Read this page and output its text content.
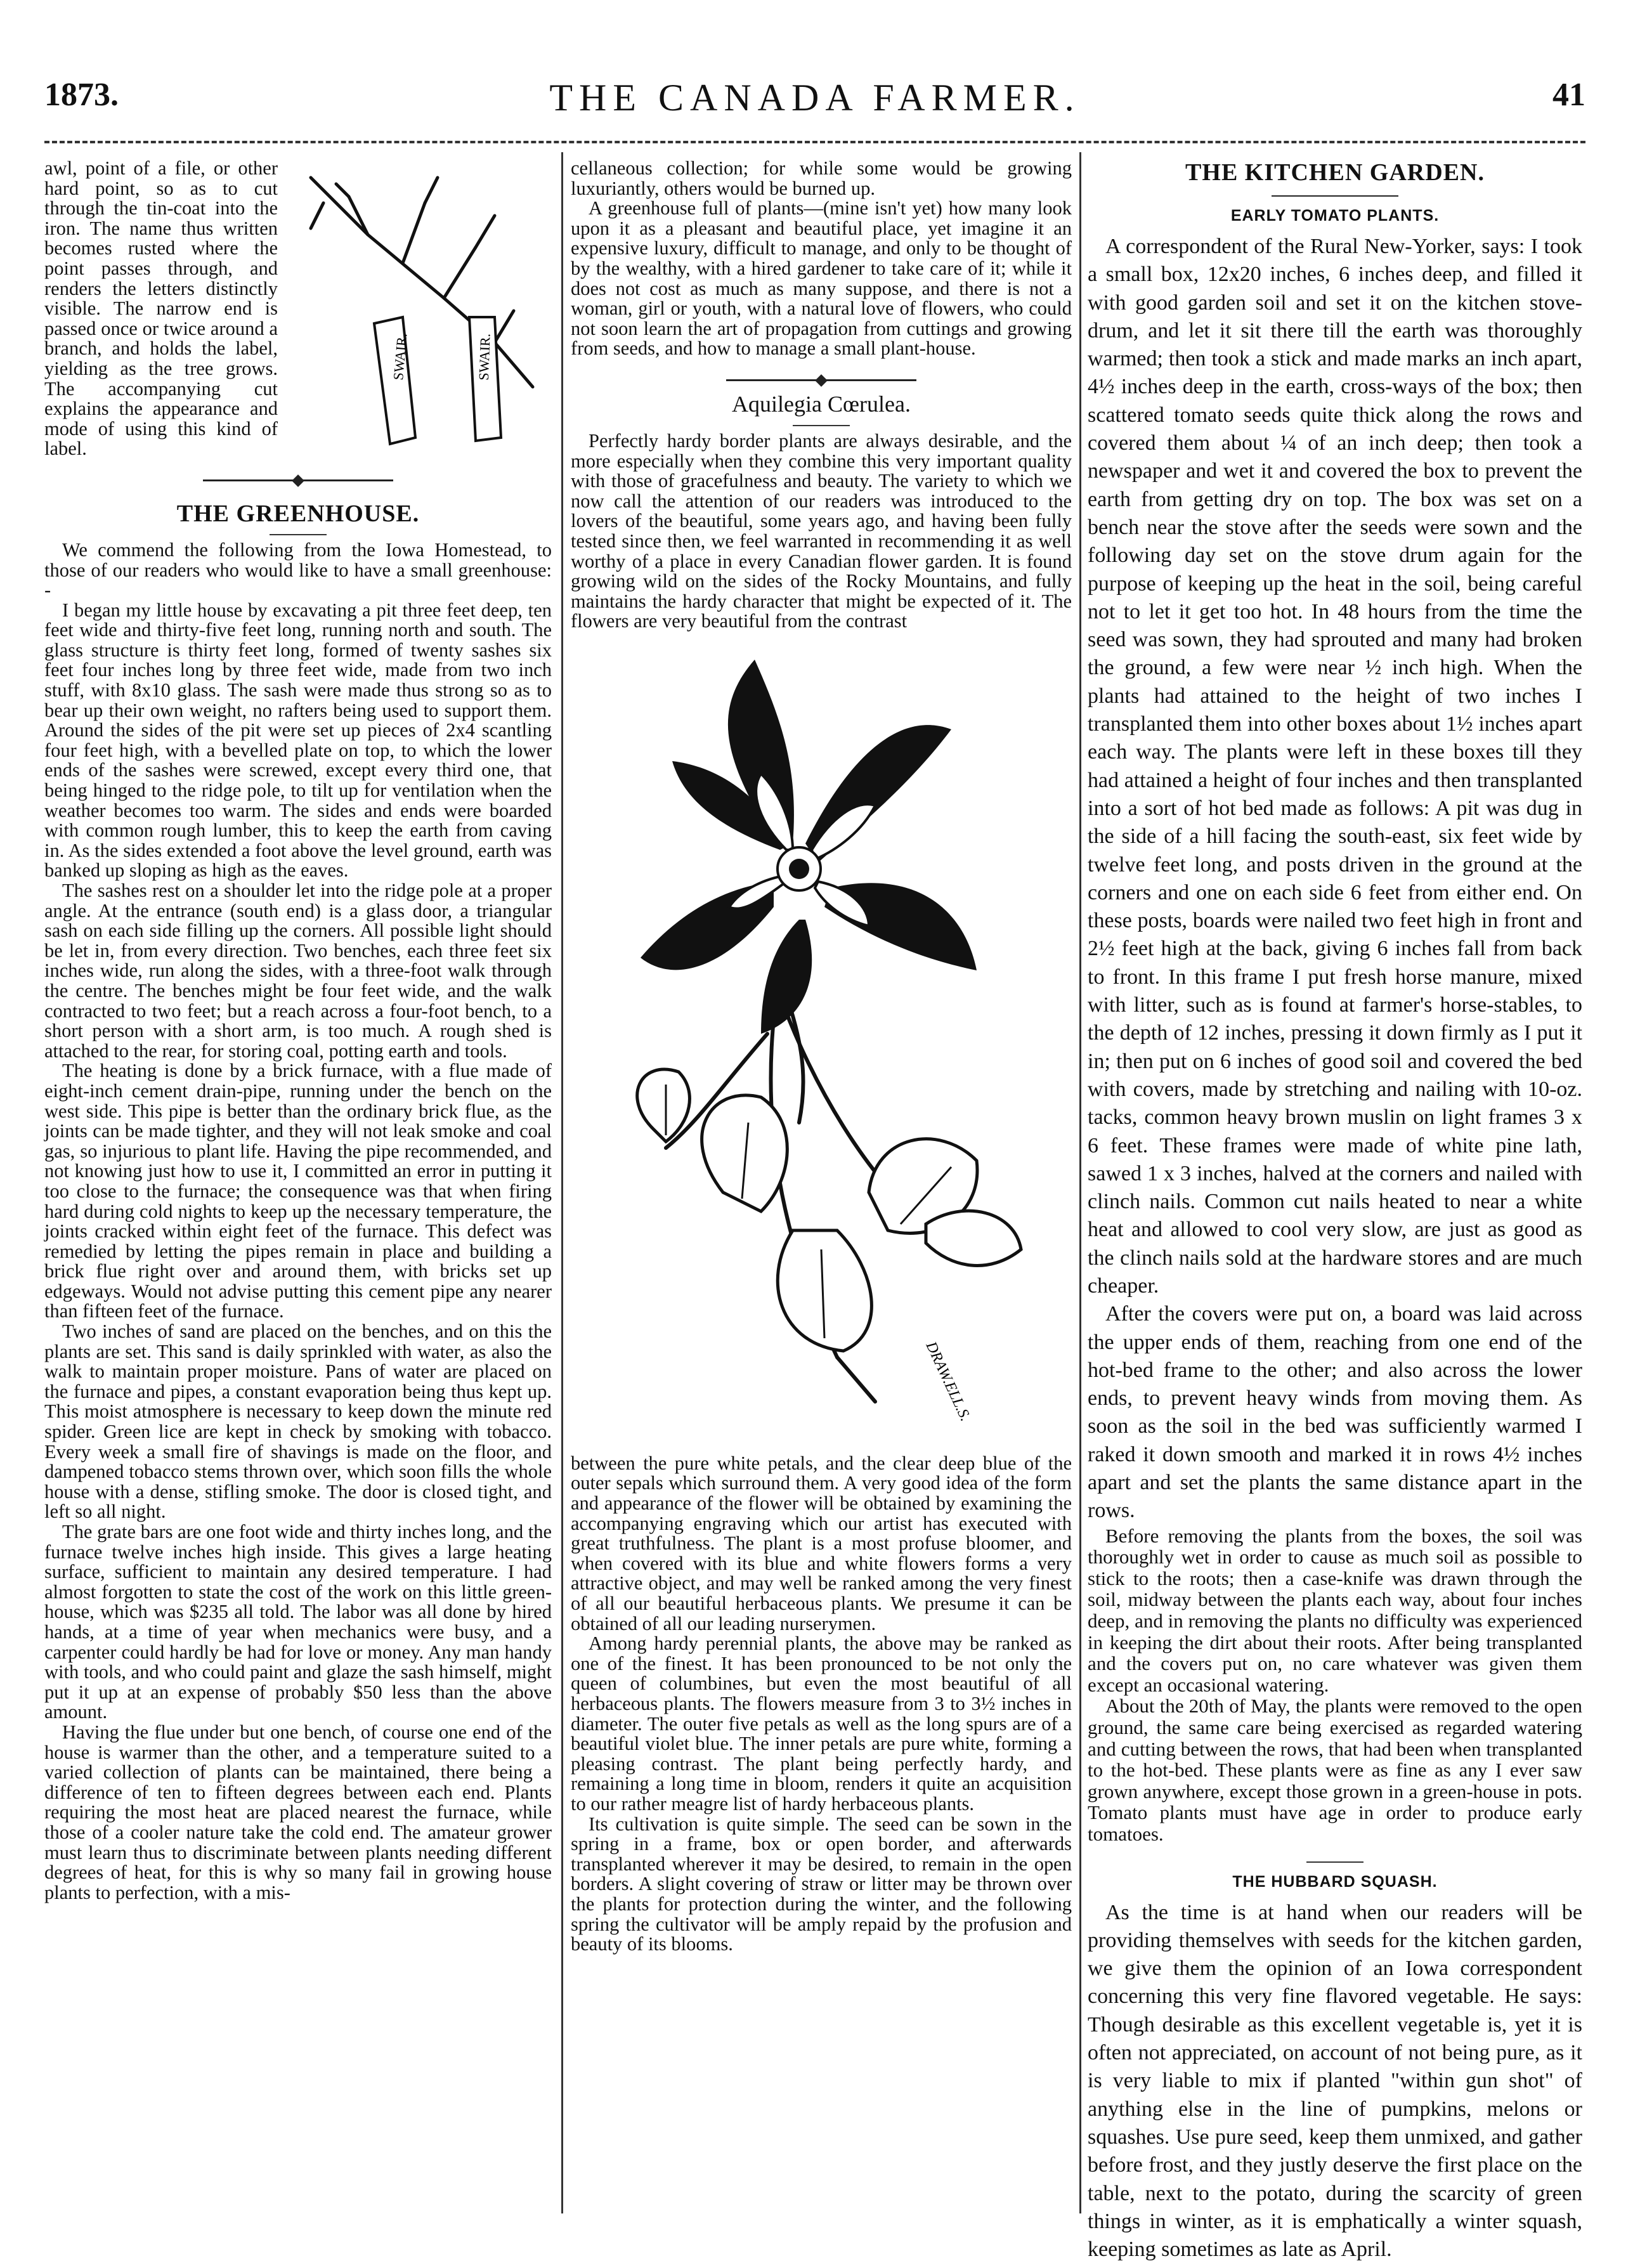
1873.	THE CANADA FARMER.	41
SWAIR.	SWAIR.

awl, point of a file, or other hard point, so as to cut through the tin-coat into the iron. The name thus written becomes rusted where the point passes through, and renders the letters distinctly visible. The narrow end is passed once or twice around a branch, and holds the label, yielding as the tree grows. The accompanying cut explains the appearance and mode of using this kind of label.

THE GREENHOUSE.

We commend the following from the Iowa Homestead, to those of our readers who would like to have a small greenhouse: -

I began my little house by excavating a pit three feet deep, ten feet wide and thirty-five feet long, running north and south. The glass structure is thirty feet long, formed of twenty sashes six feet four inches long by three feet wide, made from two inch stuff, with 8x10 glass. The sash were made thus strong so as to bear up their own weight, no rafters being used to support them. Around the sides of the pit were set up pieces of 2x4 scantling four feet high, with a bevelled plate on top, to which the lower ends of the sashes were screwed, except every third one, that being hinged to the ridge pole, to tilt up for ventilation when the weather becomes too warm. The sides and ends were boarded with common rough lumber, this to keep the earth from caving in. As the sides extended a foot above the level ground, earth was banked up sloping as high as the eaves.

The sashes rest on a shoulder let into the ridge pole at a proper angle. At the entrance (south end) is a glass door, a triangular sash on each side filling up the corners. All possible light should be let in, from every direction. Two benches, each three feet six inches wide, run along the sides, with a three-foot walk through the centre. The benches might be four feet wide, and the walk contracted to two feet; but a reach across a four-foot bench, to a short person with a short arm, is too much. A rough shed is attached to the rear, for storing coal, potting earth and tools.

The heating is done by a brick furnace, with a flue made of eight-inch cement drain-pipe, running under the bench on the west side. This pipe is better than the ordinary brick flue, as the joints can be made tighter, and they will not leak smoke and coal gas, so injurious to plant life. Having the pipe recommended, and not knowing just how to use it, I committed an error in putting it too close to the furnace; the consequence was that when firing hard during cold nights to keep up the necessary temperature, the joints cracked within eight feet of the furnace. This defect was remedied by letting the pipes remain in place and building a brick flue right over and around them, with bricks set up edgeways. Would not advise putting this cement pipe any nearer than fifteen feet of the furnace.

Two inches of sand are placed on the benches, and on this the plants are set. This sand is daily sprinkled with water, as also the walk to maintain proper moisture. Pans of water are placed on the furnace and pipes, a constant evaporation being thus kept up. This moist atmosphere is necessary to keep down the minute red spider. Green lice are kept in check by smoking with tobacco. Every week a small fire of shavings is made on the floor, and dampened tobacco stems thrown over, which soon fills the whole house with a dense, stifling smoke. The door is closed tight, and left so all night.

The grate bars are one foot wide and thirty inches long, and the furnace twelve inches high inside. This gives a large heating surface, sufficient to maintain any desired temperature. I had almost forgotten to state the cost of the work on this little green-house, which was $235 all told. The labor was all done by hired hands, at a time of year when mechanics were busy, and a carpenter could hardly be had for love or money. Any man handy with tools, and who could paint and glaze the sash himself, might put it up at an expense of probably $50 less than the above amount.

Having the flue under but one bench, of course one end of the house is warmer than the other, and a temperature suited to a varied collection of plants can be maintained, there being a difference of ten to fifteen degrees between each end. Plants requiring the most heat are placed nearest the furnace, while those of a cooler nature take the cold end. The amateur grower must learn thus to discriminate between plants needing different degrees of heat, for this is why so many fail in growing house plants to perfection, with a mis-

cellaneous collection; for while some would be growing luxuriantly, others would be burned up.

A greenhouse full of plants—(mine isn't yet) how many look upon it as a pleasant and beautiful place, yet imagine it an expensive luxury, difficult to manage, and only to be thought of by the wealthy, with a hired gardener to take care of it; while it does not cost as much as many suppose, and there is not a woman, girl or youth, with a natural love of flowers, who could not soon learn the art of propagation from cuttings and growing from seeds, and how to manage a small plant-house.

Aquilegia Cœrulea.

Perfectly hardy border plants are always desirable, and the more especially when they combine this very important quality with those of gracefulness and beauty. The variety to which we now call the attention of our readers was introduced to the lovers of the beautiful, some years ago, and having been fully tested since then, we feel warranted in recommending it as well worthy of a place in every Canadian flower garden. It is found growing wild on the sides of the Rocky Mountains, and fully maintains the hardy character that might be expected of it. The flowers are very beautiful from the contrast

DRAW.ELL.S.

between the pure white petals, and the clear deep blue of the outer sepals which surround them. A very good idea of the form and appearance of the flower will be obtained by examining the accompanying engraving which our artist has executed with great truthfulness. The plant is a most profuse bloomer, and when covered with its blue and white flowers forms a very attractive object, and may well be ranked among the very finest of all our beautiful herbaceous plants. We presume it can be obtained of all our leading nurserymen.

Among hardy perennial plants, the above may be ranked as one of the finest. It has been pronounced to be not only the queen of columbines, but even the most beautiful of all herbaceous plants. The flowers measure from 3 to 3½ inches in diameter. The outer five petals as well as the long spurs are of a beautiful violet blue. The inner petals are pure white, forming a pleasing contrast. The plant being perfectly hardy, and remaining a long time in bloom, renders it quite an acquisition to our rather meagre list of hardy herbaceous plants.

Its cultivation is quite simple. The seed can be sown in the spring in a frame, box or open border, and afterwards transplanted wherever it may be desired, to remain in the open borders. A slight covering of straw or litter may be thrown over the plants for protection during the winter, and the following spring the cultivator will be amply repaid by the profusion and beauty of its blooms.

THE KITCHEN GARDEN.
EARLY TOMATO PLANTS.

A correspondent of the Rural New-Yorker, says: I took a small box, 12x20 inches, 6 inches deep, and filled it with good garden soil and set it on the kitchen stove-drum, and let it sit there till the earth was thoroughly warmed; then took a stick and made marks an inch apart, 4½ inches deep in the earth, cross-ways of the box; then scattered tomato seeds quite thick along the rows and covered them about ¼ of an inch deep; then took a newspaper and wet it and covered the box to prevent the earth from getting dry on top. The box was set on a bench near the stove after the seeds were sown and the following day set on the stove drum again for the purpose of keeping up the heat in the soil, being careful not to let it get too hot. In 48 hours from the time the seed was sown, they had sprouted and many had broken the ground, a few were near ½ inch high. When the plants had attained to the height of two inches I transplanted them into other boxes about 1½ inches apart each way. The plants were left in these boxes till they had attained a height of four inches and then transplanted into a sort of hot bed made as follows: A pit was dug in the side of a hill facing the south-east, six feet wide by twelve feet long, and posts driven in the ground at the corners and one on each side 6 feet from either end. On these posts, boards were nailed two feet high in front and 2½ feet high at the back, giving 6 inches fall from back to front. In this frame I put fresh horse manure, mixed with litter, such as is found at farmer's horse-stables, to the depth of 12 inches, pressing it down firmly as I put it in; then put on 6 inches of good soil and covered the bed with covers, made by stretching and nailing with 10-oz. tacks, common heavy brown muslin on light frames 3 x 6 feet. These frames were made of white pine lath, sawed 1 x 3 inches, halved at the corners and nailed with clinch nails. Common cut nails heated to near a white heat and allowed to cool very slow, are just as good as the clinch nails sold at the hardware stores and are much cheaper.

After the covers were put on, a board was laid across the upper ends of them, reaching from one end of the hot-bed frame to the other; and also across the lower ends, to prevent heavy winds from moving them. As soon as the soil in the bed was sufficiently warmed I raked it down smooth and marked it in rows 4½ inches apart and set the plants the same distance apart in the rows.

Before removing the plants from the boxes, the soil was thoroughly wet in order to cause as much soil as possible to stick to the roots; then a case-knife was drawn through the soil, midway between the plants each way, about four inches deep, and in removing the plants no difficulty was experienced in keeping the dirt about their roots. After being transplanted and the covers put on, no care whatever was given them except an occasional watering.

About the 20th of May, the plants were removed to the open ground, the same care being exercised as regarded watering and cutting between the rows, that had been when transplanted to the hot-bed. These plants were as fine as any I ever saw grown anywhere, except those grown in a green-house in pots. Tomato plants must have age in order to produce early tomatoes.

THE HUBBARD SQUASH.

As the time is at hand when our readers will be providing themselves with seeds for the kitchen garden, we give them the opinion of an Iowa correspondent concerning this very fine flavored vegetable. He says: Though desirable as this excellent vegetable is, yet it is often not appreciated, on account of not being pure, as it is very liable to mix if planted "within gun shot" of anything else in the line of pumpkins, melons or squashes. Use pure seed, keep them unmixed, and gather before frost, and they justly deserve the first place on the table, next to the potato, during the scarcity of green things in winter, as it is emphatically a winter squash, keeping sometimes as late as April.
